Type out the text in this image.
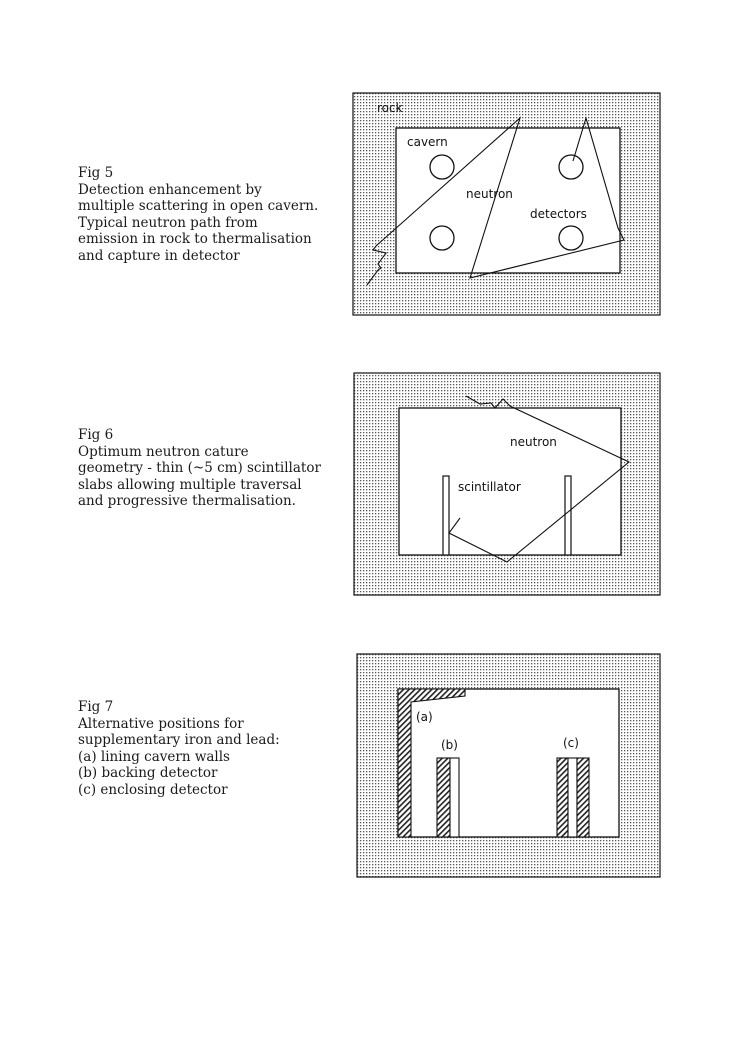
Fig 5
Detection enhancement by
multiple scattering in open cavern.
Typical neutron path from
emission in rock to thermalisation
and capture in detector
Fig 6
Optimum neutron cature
geometry - thin (~5 cm) scintillator
slabs allowing multiple traversal
and progressive thermalisation.
Fig 7
Alternative positions for
supplementary iron and lead:
(a) lining cavern walls
(b) backing detector
(c) enclosing detector
rock
cavern
neutron
detectors
neutron
scintillator
(a)
(b)	(c)
